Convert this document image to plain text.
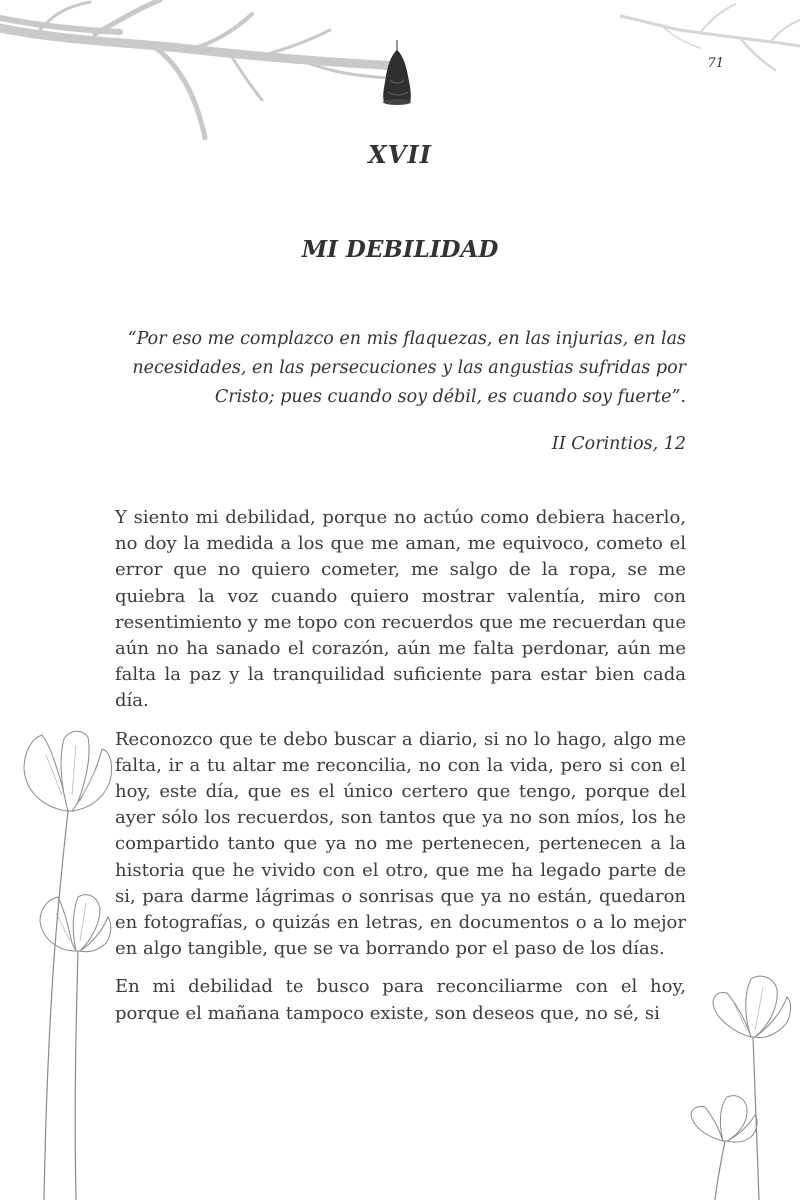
71
XVII
MI DEBILIDAD
“Por eso me complazco en mis flaquezas, en las injurias, en las necesidades, en las persecuciones y las angustias sufridas por Cristo; pues cuando soy débil, es cuando soy fuerte”.
II Corintios, 12

Y siento mi debilidad, porque no actúo como debiera hacerlo, no doy la medida a los que me aman, me equivoco, cometo el error que no quiero cometer, me salgo de la ropa, se me quiebra la voz cuando quiero mostrar valentía, miro con resentimiento y me topo con recuerdos que me recuerdan que aún no ha sanado el corazón, aún me falta perdonar, aún me falta la paz y la tranquilidad suficiente para estar bien cada día.

Reconozco que te debo buscar a diario, si no lo hago, algo me falta, ir a tu altar me reconcilia, no con la vida, pero si con el hoy, este día, que es el único certero que tengo, porque del ayer sólo los recuerdos, son tantos que ya no son míos, los he compartido tanto que ya no me pertenecen, pertenecen a la historia que he vivido con el otro, que me ha legado parte de si, para darme lágrimas o sonrisas que ya no están, quedaron en fotografías, o quizás en letras, en documentos o a lo mejor en algo tangible, que se va borrando por el paso de los días.

En mi debilidad te busco para reconciliarme con el hoy, porque el mañana tampoco existe, son deseos que, no sé, si
